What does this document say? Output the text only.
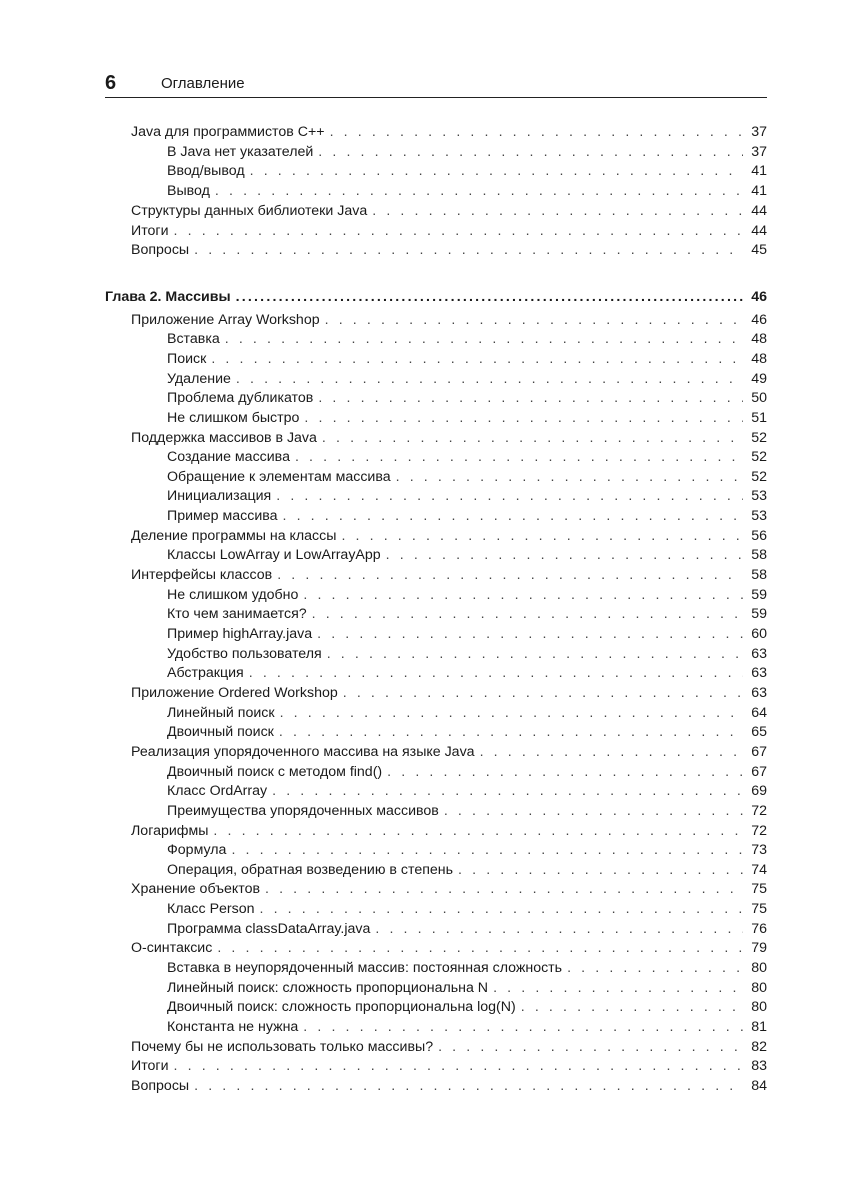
6	Оглавление
Java для программистов C++ . . .	37
В Java нет указателей . . .	37
Ввод/вывод . . .	41
Вывод . . .	41
Структуры данных библиотеки Java . . .	44
Итоги . . .	44
Вопросы . . .	45
Глава 2. Массивы .....	46
Приложение Array Workshop . . .	46
Вставка . . .	48
Поиск . . .	48
Удаление . . .	49
Проблема дубликатов . . .	50
Не слишком быстро . . .	51
Поддержка массивов в Java . . .	52
Создание массива . . .	52
Обращение к элементам массива . . .	52
Инициализация . . .	53
Пример массива . . .	53
Деление программы на классы . . .	56
Классы LowArray и LowArrayApp . . .	58
Интерфейсы классов . . .	58
Не слишком удобно . . .	59
Кто чем занимается? . . .	59
Пример highArray.java . . .	60
Удобство пользователя . . .	63
Абстракция . . .	63
Приложение Ordered Workshop . . .	63
Линейный поиск . . .	64
Двоичный поиск . . .	65
Реализация упорядоченного массива на языке Java . . .	67
Двоичный поиск с методом find() . . .	67
Класс OrdArray . . .	69
Преимущества упорядоченных массивов . . .	72
Логарифмы . . .	72
Формула . . .	73
Операция, обратная возведению в степень . . .	74
Хранение объектов . . .	75
Класс Person . . .	75
Программа classDataArray.java . . .	76
O-синтаксис . . .	79
Вставка в неупорядоченный массив: постоянная сложность . . .	80
Линейный поиск: сложность пропорциональна N . . .	80
Двоичный поиск: сложность пропорциональна log(N) . . .	80
Константа не нужна . . .	81
Почему бы не использовать только массивы? . . .	82
Итоги . . .	83
Вопросы . . .	84
